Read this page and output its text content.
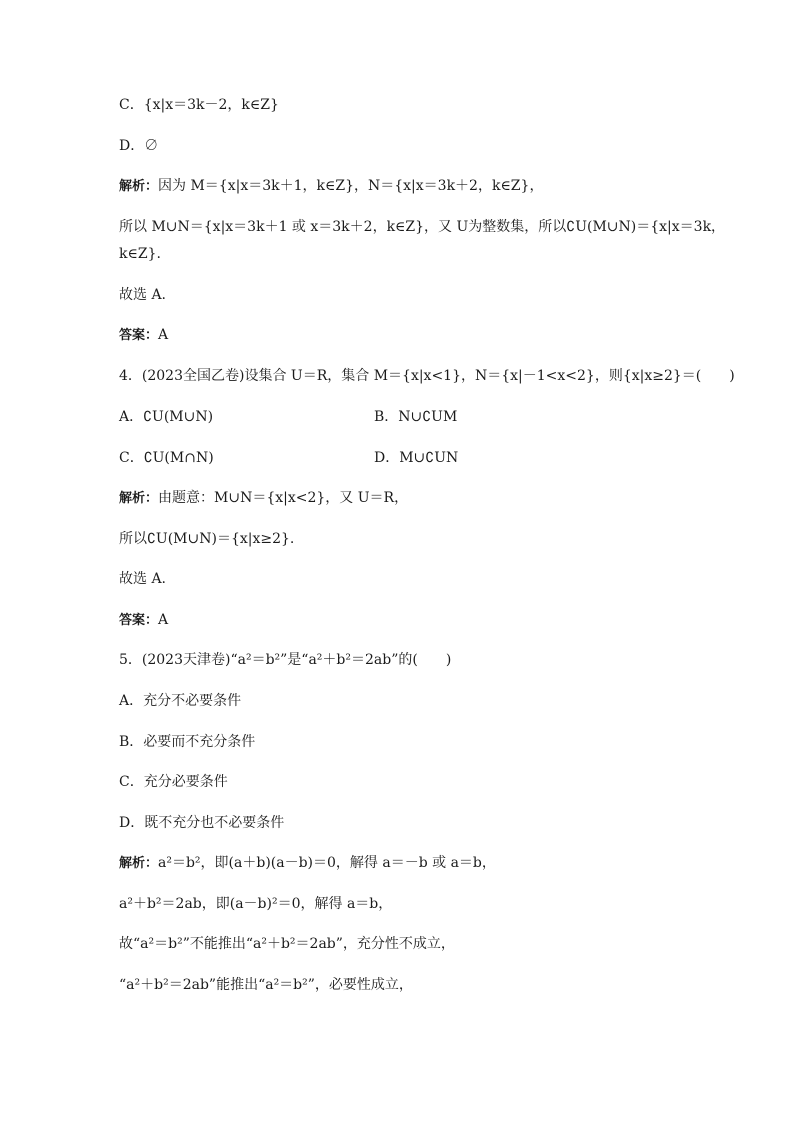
C．{x|x＝3k－2，k∈Z}
D．∅
解析：因为 M＝{x|x＝3k＋1，k∈Z}，N＝{x|x＝3k＋2，k∈Z}，
所以 M∪N＝{x|x＝3k＋1 或 x＝3k＋2，k∈Z}，又 U为整数集，所以∁U(M∪N)＝{x|x＝3k，
k∈Z}.
故选 A.
答案：A
4．(2023全国乙卷)设集合 U＝R，集合 M＝{x|x<1}，N＝{x|－1<x<2}，则{x|x≥2}＝(　　)
A．∁U(M∪N)	B．N∪∁UM
C．∁U(M∩N)	D．M∪∁UN
解析：由题意：M∪N＝{x|x<2}，又 U＝R，
所以∁U(M∪N)＝{x|x≥2}.
故选 A.
答案：A
5．(2023天津卷)“a²＝b²”是“a²＋b²＝2ab”的(　　)
A．充分不必要条件
B．必要而不充分条件
C．充分必要条件
D．既不充分也不必要条件
解析：a²＝b²，即(a＋b)(a－b)＝0，解得 a＝－b 或 a＝b，
a²＋b²＝2ab，即(a－b)²＝0，解得 a＝b，
故“a²＝b²”不能推出“a²＋b²＝2ab”，充分性不成立，
“a²＋b²＝2ab”能推出“a²＝b²”，必要性成立，
